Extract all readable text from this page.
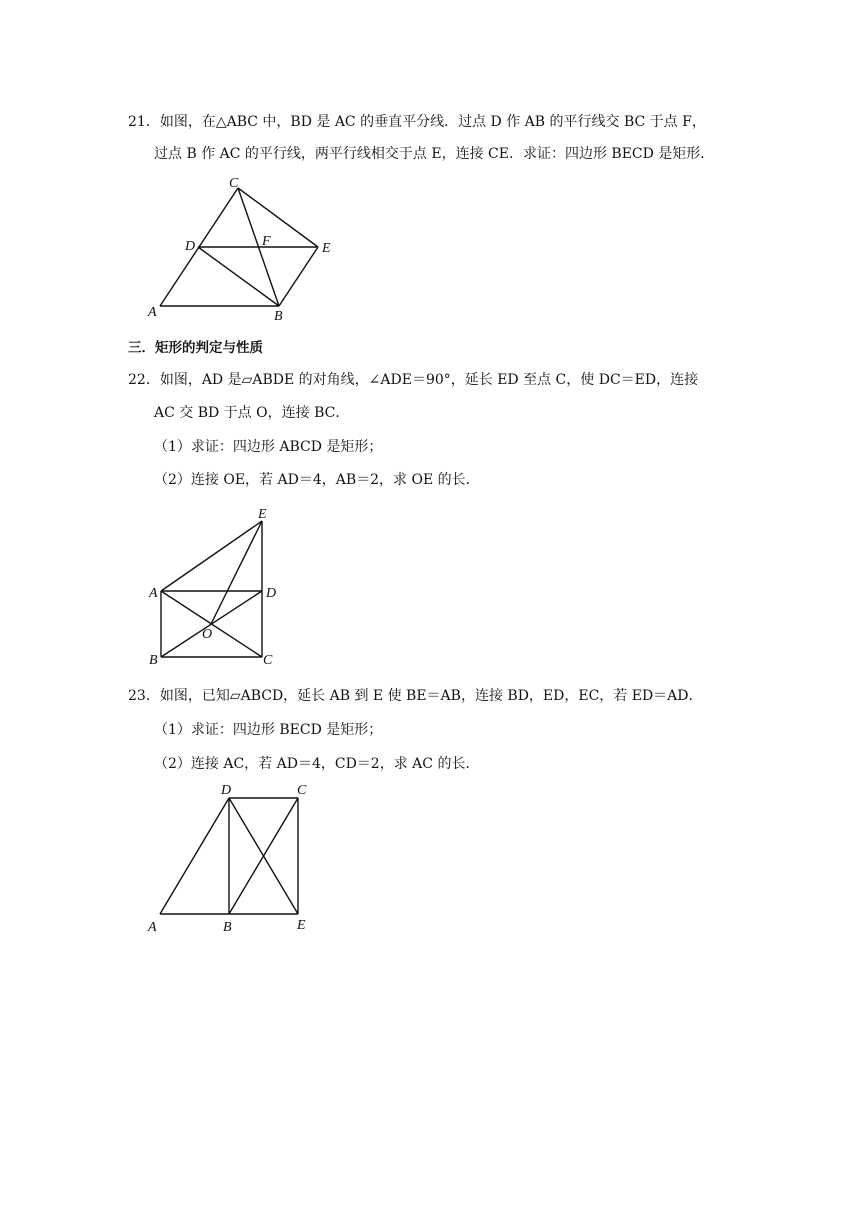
21．如图，在△ABC 中，BD 是 AC 的垂直平分线．过点 D 作 AB 的平行线交 BC 于点 F，
过点 B 作 AC 的平行线，两平行线相交于点 E，连接 CE．求证：四边形 BECD 是矩形．
C
D	F	E
A	B
三．矩形的判定与性质
22．如图，AD 是▱ABDE 的对角线，∠ADE＝90°，延长 ED 至点 C，使 DC＝ED，连接
AC 交 BD 于点 O，连接 BC．
（1）求证：四边形 ABCD 是矩形；
（2）连接 OE，若 AD＝4，AB＝2，求 OE 的长．
E
A	D
O
B	C
23．如图，已知▱ABCD，延长 AB 到 E 使 BE＝AB，连接 BD，ED，EC，若 ED＝AD．
（1）求证：四边形 BECD 是矩形；
（2）连接 AC，若 AD＝4，CD＝2，求 AC 的长．
D	C
A	B	E
